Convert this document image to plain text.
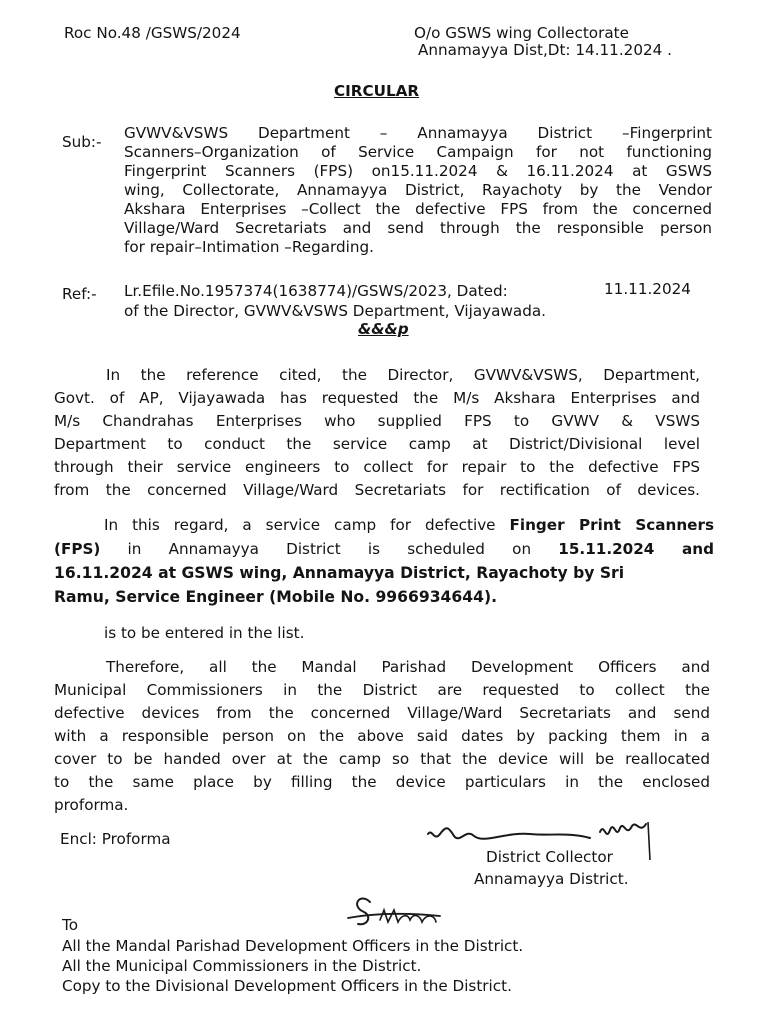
Roc No.48 /GSWS/2024	O/o GSWS wing Collectorate
Annamayya Dist,Dt: 14.11.2024 .
CIRCULAR
Sub:- GVWV&VSWS Department – Annamayya District –Fingerprint
Scanners–Organization of Service Campaign for not functioning
Fingerprint Scanners (FPS) on15.11.2024 & 16.11.2024 at GSWS
wing, Collectorate, Annamayya District, Rayachoty by the Vendor
Akshara Enterprises –Collect the defective FPS from the concerned
Village/Ward Secretariats and send through the responsible person
for repair–Intimation –Regarding.
Ref:- Lr.Efile.No.1957374(1638774)/GSWS/2023, Dated:	11.11.2024
of the Director, GVWV&VSWS Department, Vijayawada.
&&&p
In the reference cited, the Director, GVWV&VSWS, Department,
Govt. of AP, Vijayawada has requested the M/s Akshara Enterprises and
M/s Chandrahas Enterprises who supplied FPS to GVWV & VSWS
Department to conduct the service camp at District/Divisional level
through their service engineers to collect for repair to the defective FPS
from the concerned Village/Ward Secretariats for rectification of devices.
In this regard, a service camp for defective Finger Print Scanners
(FPS) in Annamayya District is scheduled on 15.11.2024 and
16.11.2024 at GSWS wing, Annamayya District, Rayachoty by Sri
Ramu, Service Engineer (Mobile No. 9966934644).
is to be entered in the list.
Therefore, all the Mandal Parishad Development Officers and
Municipal Commissioners in the District are requested to collect the
defective devices from the concerned Village/Ward Secretariats and send
with a responsible person on the above said dates by packing them in a
cover to be handed over at the camp so that the device will be reallocated
to the same place by filling the device particulars in the enclosed
proforma.
Encl: Proforma
District Collector
Annamayya District.
To
All the Mandal Parishad Development Officers in the District.
All the Municipal Commissioners in the District.
Copy to the Divisional Development Officers in the District.
